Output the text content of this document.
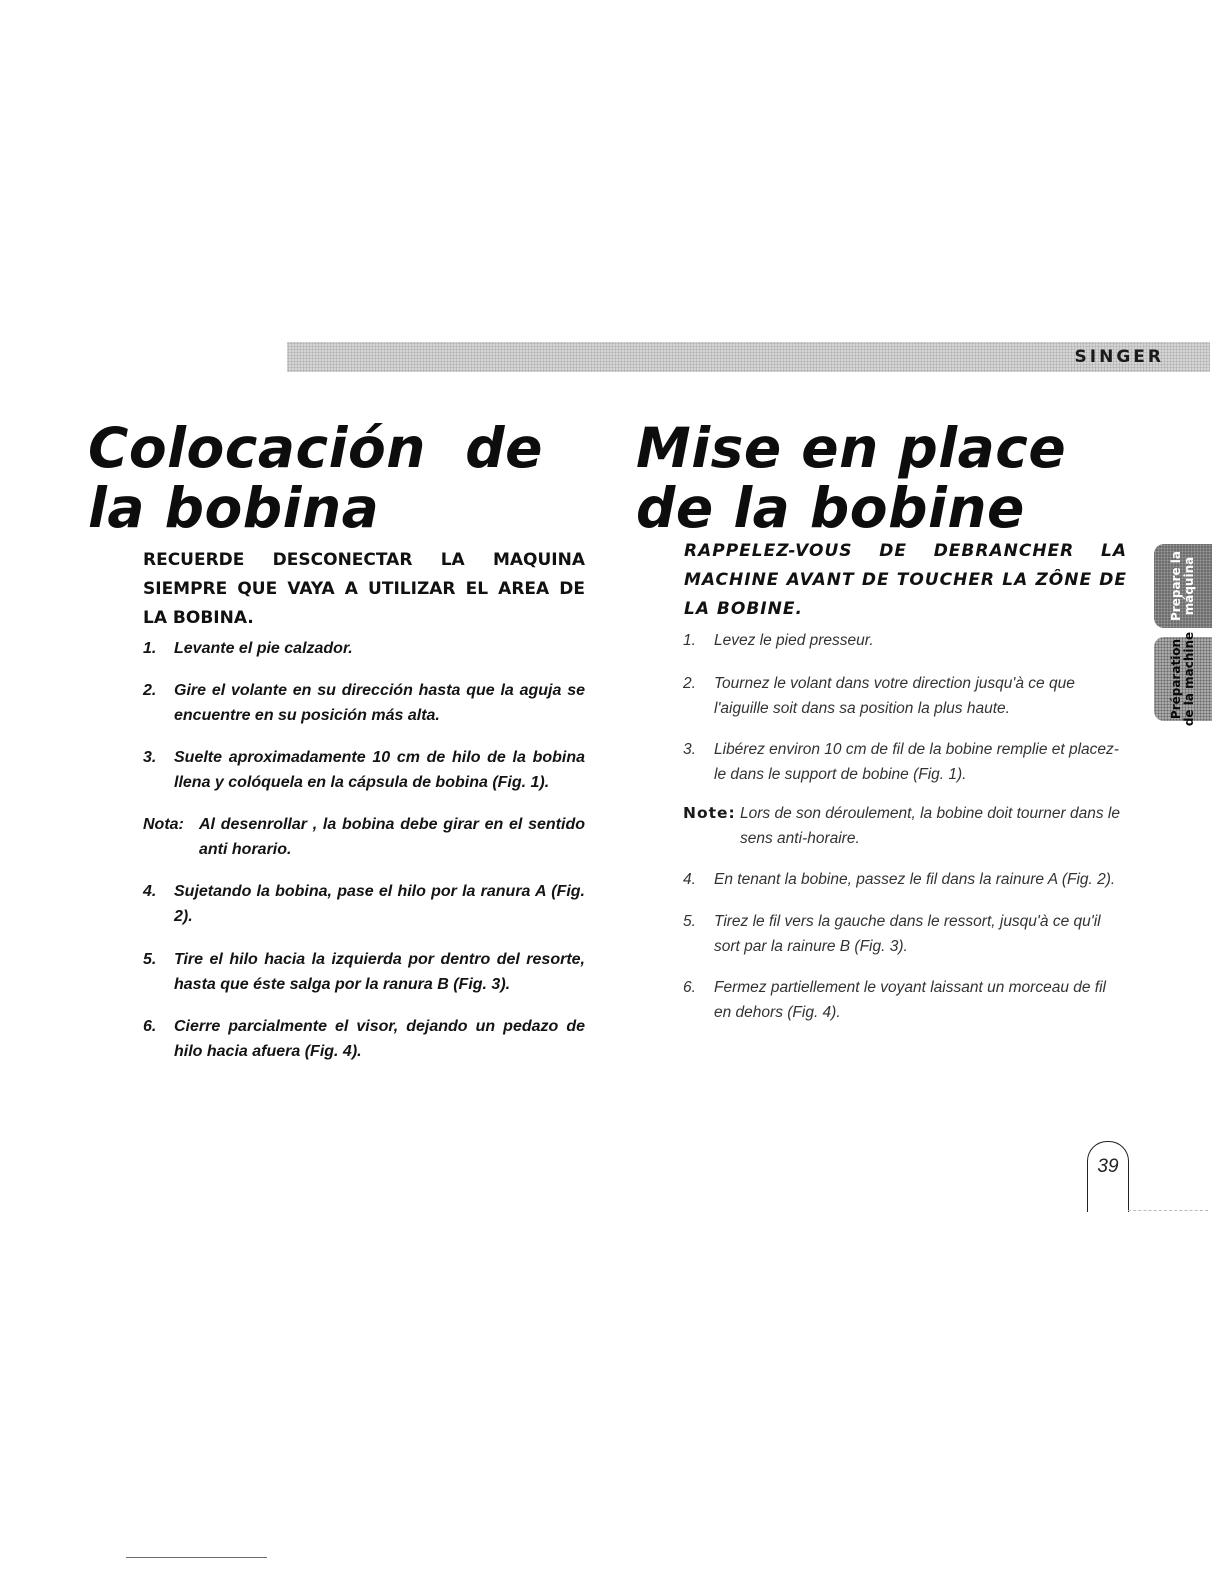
SINGER
Colocación  de
la bobina
Mise en place
de la bobine

RECUERDE DESCONECTAR LA MAQUINA SIEMPRE QUE VAYA A UTILIZAR EL AREA DE LA BOBINA.

RAPPELEZ-VOUS DE DEBRANCHER LA MACHINE AVANT DE TOUCHER LA ZÔNE DE LA BOBINE.

1.	Levante el pie calzador.
2.	Gire el volante en su dirección hasta que la aguja se encuentre en su posición más alta.
3.	Suelte aproximadamente 10 cm de hilo de la bobina llena y colóquela en la cápsula de bobina (Fig. 1).
Nota: Al desenrollar , la bobina debe girar en el sentido anti horario.
4.	Sujetando la bobina, pase el hilo por la ranura A (Fig. 2).
5.	Tire el hilo hacia la izquierda por dentro del resorte, hasta que éste salga por la ranura B (Fig. 3).
6.	Cierre parcialmente el visor, dejando un pedazo de hilo hacia afuera (Fig. 4).
1.	Levez le pied presseur.
2.	Tournez le volant dans votre direction jusqu'à ce que l'aiguille soit dans sa position la plus haute.
3.	Libérez environ 10 cm de fil de la bobine remplie et placez-le dans le support de bobine (Fig. 1).
Note: Lors de son déroulement, la bobine doit tourner dans le sens anti-horaire.
4.	En tenant la bobine, passez le fil dans la rainure A (Fig. 2).
5.	Tirez le fil vers la gauche dans le ressort, jusqu'à ce qu'il sort par la rainure B (Fig. 3).
6.	Fermez partiellement le voyant laissant un morceau de fil en dehors (Fig. 4).
Prepare la máquina
Préparation de la machine
39
